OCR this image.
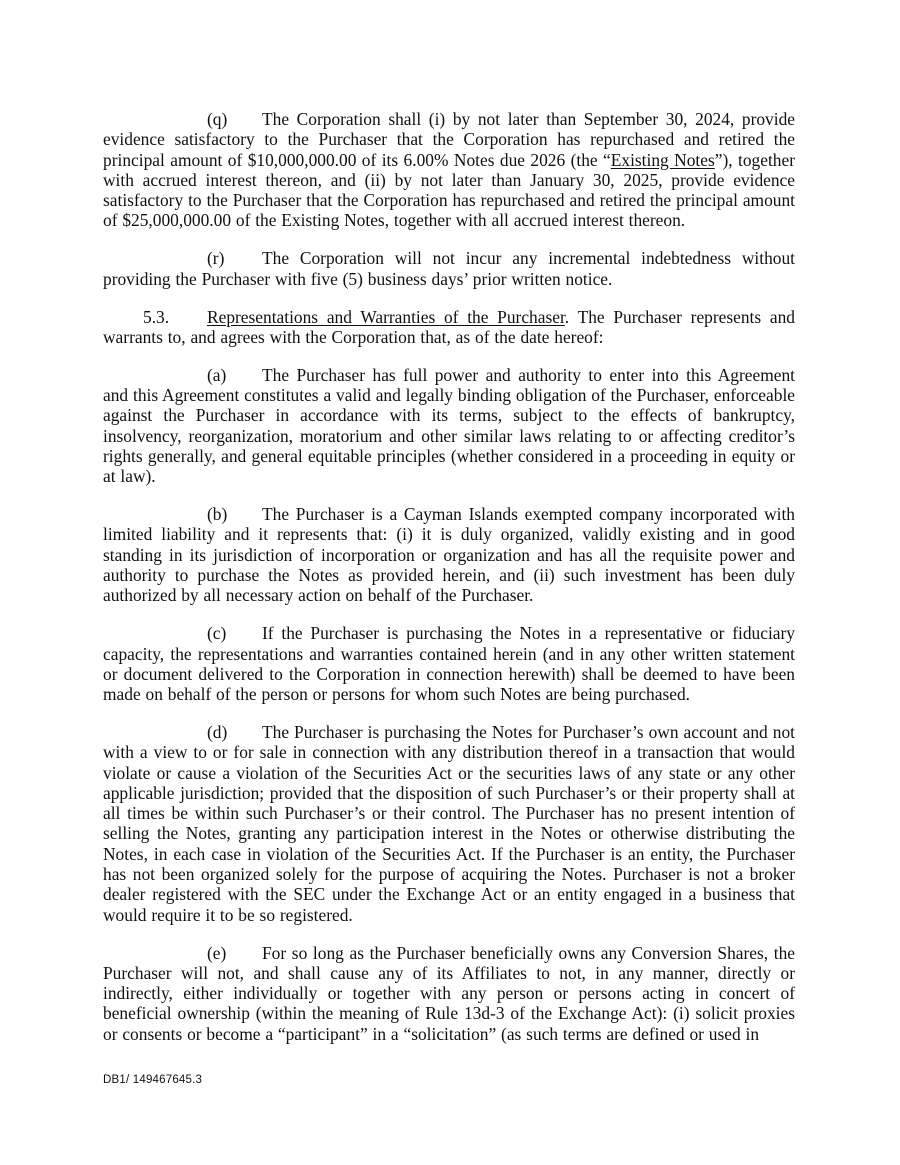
(q) The Corporation shall (i) by not later than September 30, 2024, provide evidence satisfactory to the Purchaser that the Corporation has repurchased and retired the principal amount of $10,000,000.00 of its 6.00% Notes due 2026 (the “Existing Notes”), together with accrued interest thereon, and (ii) by not later than January 30, 2025, provide evidence satisfactory to the Purchaser that the Corporation has repurchased and retired the principal amount of $25,000,000.00 of the Existing Notes, together with all accrued interest thereon.

(r) The Corporation will not incur any incremental indebtedness without providing the Purchaser with five (5) business days’ prior written notice.

5.3. Representations and Warranties of the Purchaser. The Purchaser represents and warrants to, and agrees with the Corporation that, as of the date hereof:

(a) The Purchaser has full power and authority to enter into this Agreement and this Agreement constitutes a valid and legally binding obligation of the Purchaser, enforceable against the Purchaser in accordance with its terms, subject to the effects of bankruptcy, insolvency, reorganization, moratorium and other similar laws relating to or affecting creditor’s rights generally, and general equitable principles (whether considered in a proceeding in equity or at law).

(b) The Purchaser is a Cayman Islands exempted company incorporated with limited liability and it represents that: (i) it is duly organized, validly existing and in good standing in its jurisdiction of incorporation or organization and has all the requisite power and authority to purchase the Notes as provided herein, and (ii) such investment has been duly authorized by all necessary action on behalf of the Purchaser.

(c) If the Purchaser is purchasing the Notes in a representative or fiduciary capacity, the representations and warranties contained herein (and in any other written statement or document delivered to the Corporation in connection herewith) shall be deemed to have been made on behalf of the person or persons for whom such Notes are being purchased.

(d) The Purchaser is purchasing the Notes for Purchaser’s own account and not with a view to or for sale in connection with any distribution thereof in a transaction that would violate or cause a violation of the Securities Act or the securities laws of any state or any other applicable jurisdiction; provided that the disposition of such Purchaser’s or their property shall at all times be within such Purchaser’s or their control. The Purchaser has no present intention of selling the Notes, granting any participation interest in the Notes or otherwise distributing the Notes, in each case in violation of the Securities Act. If the Purchaser is an entity, the Purchaser has not been organized solely for the purpose of acquiring the Notes. Purchaser is not a broker dealer registered with the SEC under the Exchange Act or an entity engaged in a business that would require it to be so registered.

(e) For so long as the Purchaser beneficially owns any Conversion Shares, the Purchaser will not, and shall cause any of its Affiliates to not, in any manner, directly or indirectly, either individually or together with any person or persons acting in concert of beneficial ownership (within the meaning of Rule 13d-3 of the Exchange Act): (i) solicit proxies or consents or become a “participant” in a “solicitation” (as such terms are defined or used in

DB1/ 149467645.3
